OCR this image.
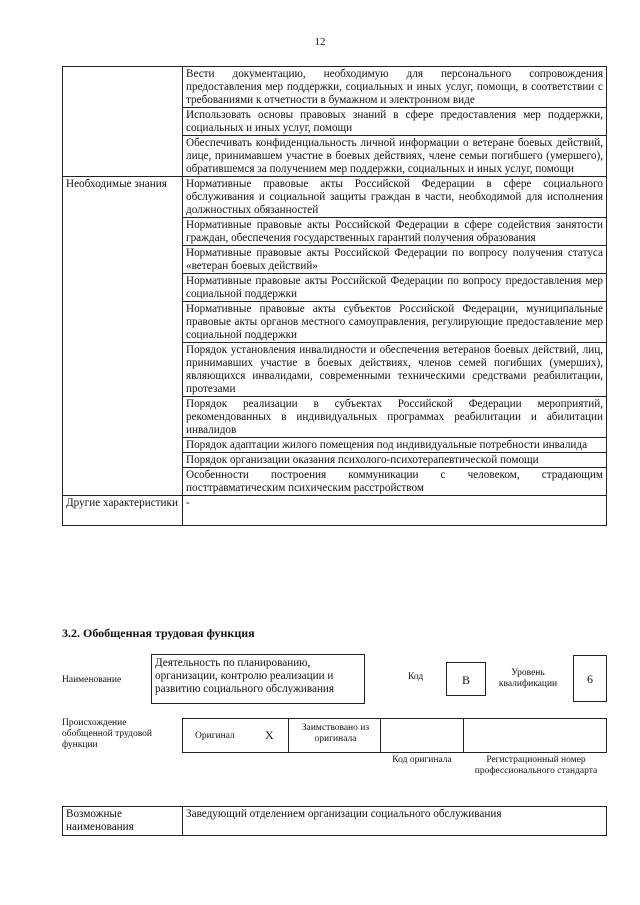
12
	Вести документацию, необходимую для персонального сопровождения предоставления мер поддержки, социальных и иных услуг, помощи, в соответствии с требованиями к отчетности в бумажном и электронном виде
	Использовать основы правовых знаний в сфере предоставления мер поддержки, социальных и иных услуг, помощи
	Обеспечивать конфиденциальность личной информации о ветеране боевых действий, лице, принимавшем участие в боевых действиях, члене семьи погибшего (умершего), обратившемся за получением мер поддержки, социальных и иных услуг, помощи
Необходимые знания	Нормативные правовые акты Российской Федерации в сфере социального обслуживания и социальной защиты граждан в части, необходимой для исполнения должностных обязанностей
	Нормативные правовые акты Российской Федерации в сфере содействия занятости граждан, обеспечения государственных гарантий получения образования
	Нормативные правовые акты Российской Федерации по вопросу получения статуса «ветеран боевых действий»
	Нормативные правовые акты Российской Федерации по вопросу предоставления мер социальной поддержки
	Нормативные правовые акты субъектов Российской Федерации, муниципальные правовые акты органов местного самоуправления, регулирующие предоставление мер социальной поддержки
	Порядок установления инвалидности и обеспечения ветеранов боевых действий, лиц, принимавших участие в боевых действиях, членов семей погибших (умерших), являющихся инвалидами, современными техническими средствами реабилитации, протезами
	Порядок реализации в субъектах Российской Федерации мероприятий, рекомендованных в индивидуальных программах реабилитации и абилитации инвалидов
	Порядок адаптации жилого помещения под индивидуальные потребности инвалида
	Порядок организации оказания психолого-психотерапевтической помощи
	Особенности построения коммуникации с человеком, страдающим посттравматическим психическим расстройством
Другие характеристики	-
3.2. Обобщенная трудовая функция
Наименование
Деятельность по планированию, организации, контролю реализации и развитию социального обслуживания
Код	B	Уровень квалификации	6
Происхождение обобщенной трудовой функции
Оригинал	X	Заимствовано из оригинала
Код оригинала	Регистрационный номер профессионального стандарта
Возможные наименования	Заведующий отделением организации социального обслуживания
